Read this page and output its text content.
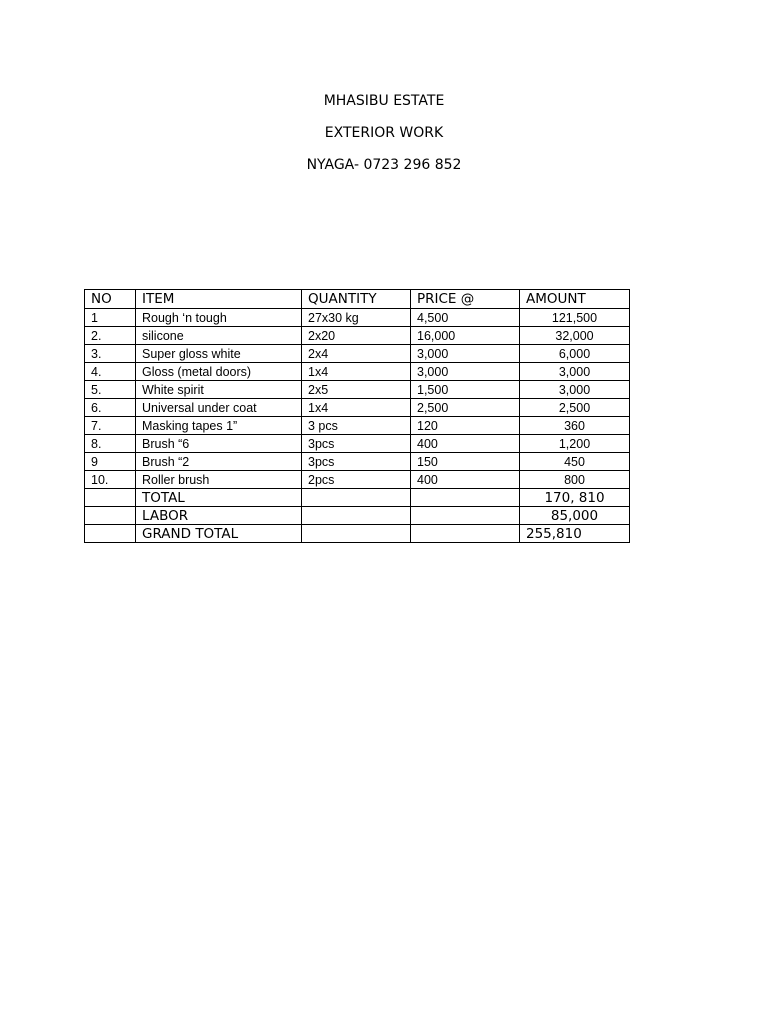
MHASIBU ESTATE
EXTERIOR WORK
NYAGA- 0723 296 852
NO	ITEM	QUANTITY	PRICE @	AMOUNT
1	Rough ‘n tough	27x30 kg	4,500	121,500
2.	silicone	2x20	16,000	32,000
3.	Super gloss white	2x4	3,000	6,000
4.	Gloss (metal doors)	1x4	3,000	3,000
5.	White spirit	2x5	1,500	3,000
6.	Universal under coat	1x4	2,500	2,500
7.	Masking tapes 1”	3 pcs	120	360
8.	Brush “6	3pcs	400	1,200
9	Brush “2	3pcs	150	450
10.	Roller brush	2pcs	400	800
	TOTAL			170, 810
	LABOR			85,000
	GRAND TOTAL			255,810
